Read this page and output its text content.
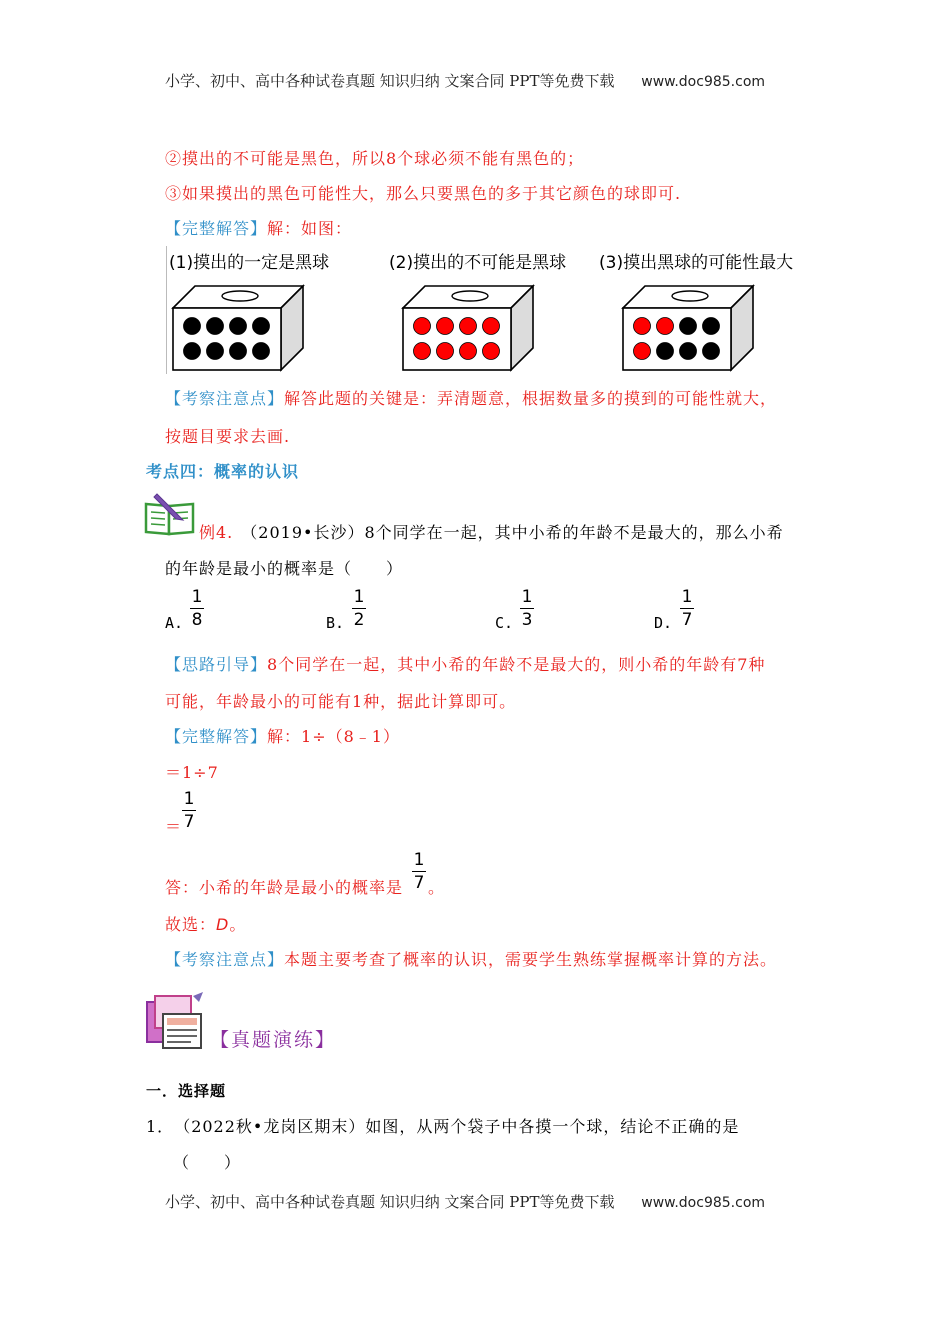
小学、初中、高中各种试卷真题 知识归纳 文案合同 PPT等免费下载 www.doc985.com
②摸出的不可能是黑色，所以8个球必须不能有黑色的；
③如果摸出的黑色可能性大，那么只要黑色的多于其它颜色的球即可.
【完整解答】解：如图：
(1)摸出的一定是黑球	(2)摸出的不可能是黑球 (3)摸出黑球的可能性最大
【考察注意点】解答此题的关键是：弄清题意，根据数量多的摸到的可能性就大，
按题目要求去画.
考点四：概率的认识
例4. （2019•长沙）8个同学在一起，其中小希的年龄不是最大的，那么小希
的年龄是最小的概率是（　　）
A.
1
8	B.
1
2	C.
1
3	D.
1
7
【思路引导】8个同学在一起，其中小希的年龄不是最大的，则小希的年龄有7种
可能，年龄最小的可能有1种，据此计算即可。
【完整解答】解：1÷（8﹣1）
＝1÷7
＝
1
7
答：小希的年龄是最小的概率是
1
7 。
故选：D。
【考察注意点】本题主要考查了概率的认识，需要学生熟练掌握概率计算的方法。
【真题演练】
一．选择题
1． （2022秋•龙岗区期末）如图，从两个袋子中各摸一个球，结论不正确的是
（　　）
小学、初中、高中各种试卷真题 知识归纳 文案合同 PPT等免费下载 www.doc985.com
